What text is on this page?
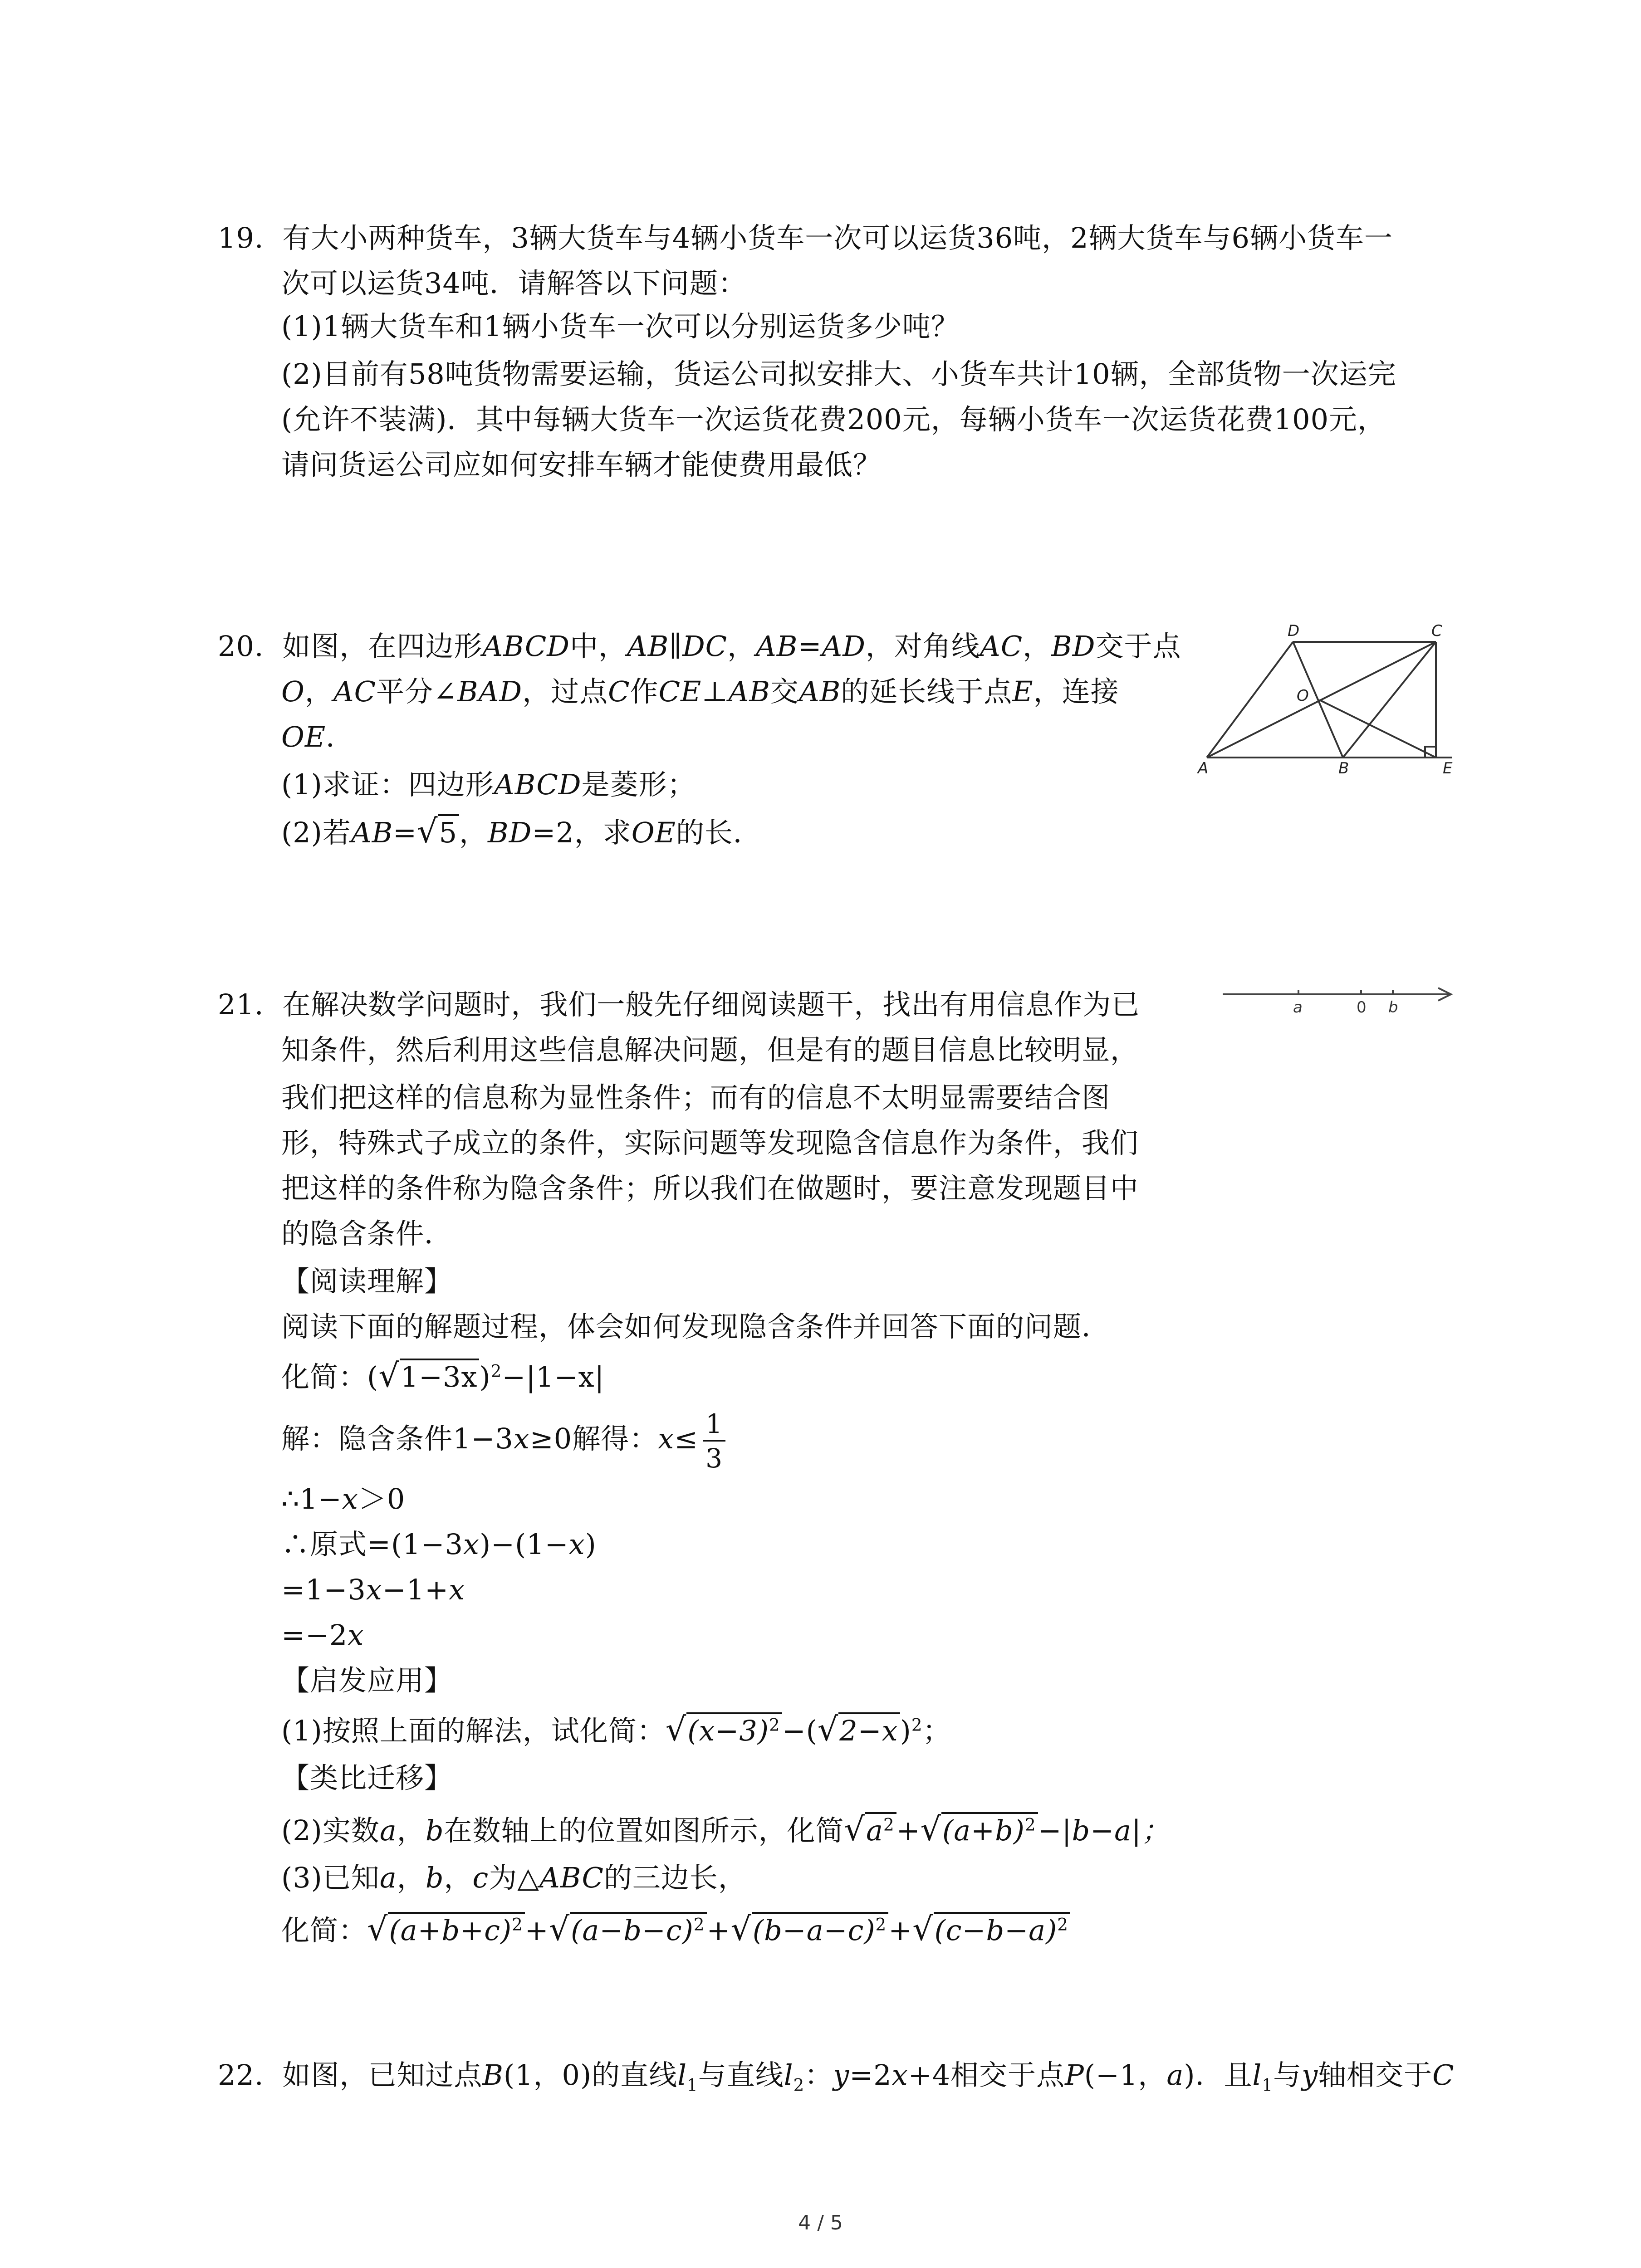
19. 有大小两种货车，3辆大货车与4辆小货车一次可以运货36吨，2辆大货车与6辆小货车一
次可以运货34吨．请解答以下问题：
(1)1辆大货车和1辆小货车一次可以分别运货多少吨？
(2)目前有58吨货物需要运输，货运公司拟安排大、小货车共计10辆，全部货物一次运完
(允许不装满)．其中每辆大货车一次运货花费200元，每辆小货车一次运货花费100元，
请问货运公司应如何安排车辆才能使费用最低？
20. 如图，在四边形ABCD中，AB∥DC，AB=AD，对角线AC，BD交于点
O，AC平分∠BAD，过点C作CE⊥AB交AB的延长线于点E，连接
OE．
(1)求证：四边形ABCD是菱形；
(2)若AB=√5，BD=2，求OE的长．
A	B
C
D
E
O
21. 在解决数学问题时，我们一般先仔细阅读题干，找出有用信息作为已
知条件，然后利用这些信息解决问题，但是有的题目信息比较明显，
我们把这样的信息称为显性条件；而有的信息不太明显需要结合图
形，特殊式子成立的条件，实际问题等发现隐含信息作为条件，我们
把这样的条件称为隐含条件；所以我们在做题时，要注意发现题目中
的隐含条件．
【阅读理解】
阅读下面的解题过程，体会如何发现隐含条件并回答下面的问题．
化简：$(√1-3x)^2-|1-x|$
解：隐含条件1−3x≥0解得：$x\le \frac{1}{3}$
∴1−x＞0
∴原式=(1−3x)−(1−x)
=1−3x−1+x
=−2x
【启发应用】
(1)按照上面的解法，试化简：$√(x-3)^2-(√2-x)^2$；
【类比迁移】
(2)实数a，b在数轴上的位置如图所示，化简$√a^2+√(a+b)^2-|b-a|$；
(3)已知a，b，c为△ABC的三边长，
化简：$√(a+b+c)^2+√(a-b-c)^2+√(b-a-c)^2+√(c-b-a)^2$
a	0 b
22. 如图，已知过点B(1，0)的直线$l_1$与直线$l_2$：y=2x+4相交于点P(−1，a)．且$l_1$与y轴相交于C
4 / 5
